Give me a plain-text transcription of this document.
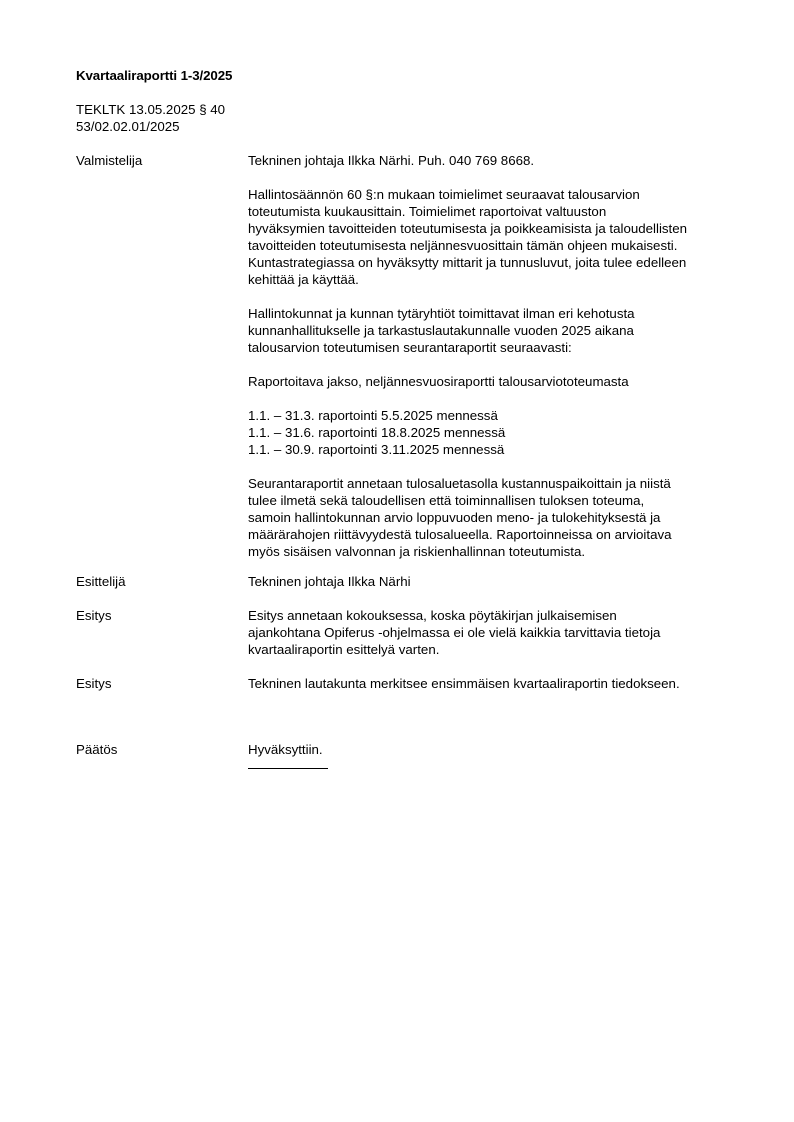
Kvartaaliraportti 1-3/2025
TEKLTK 13.05.2025 § 40
53/02.02.01/2025
Valmistelija	Tekninen johtaja Ilkka Närhi. Puh. 040 769 8668.
Hallintosäännön 60 §:n mukaan toimielimet seuraavat talousarvion
toteutumista kuukausittain. Toimielimet raportoivat valtuuston
hyväksymien tavoitteiden toteutumisesta ja poikkeamisista ja taloudellisten
tavoitteiden toteutumisesta neljännesvuosittain tämän ohjeen mukaisesti.
Kuntastrategiassa on hyväksytty mittarit ja tunnusluvut, joita tulee edelleen
kehittää ja käyttää.
Hallintokunnat ja kunnan tytäryhtiöt toimittavat ilman eri kehotusta
kunnanhallitukselle ja tarkastuslautakunnalle vuoden 2025 aikana
talousarvion toteutumisen seurantaraportit seuraavasti:
Raportoitava jakso, neljännesvuosiraportti talousarviototeumasta
1.1. – 31.3. raportointi 5.5.2025 mennessä
1.1. – 31.6. raportointi 18.8.2025 mennessä
1.1. – 30.9. raportointi 3.11.2025 mennessä
Seurantaraportit annetaan tulosaluetasolla kustannuspaikoittain ja niistä
tulee ilmetä sekä taloudellisen että toiminnallisen tuloksen toteuma,
samoin hallintokunnan arvio loppuvuoden meno- ja tulokehityksestä ja
määrärahojen riittävyydestä tulosalueella. Raportoinneissa on arvioitava
myös sisäisen valvonnan ja riskienhallinnan toteutumista.
Esittelijä	Tekninen johtaja Ilkka Närhi
Esitys	Esitys annetaan kokouksessa, koska pöytäkirjan julkaisemisen
ajankohtana Opiferus -ohjelmassa ei ole vielä kaikkia tarvittavia tietoja
kvartaaliraportin esittelyä varten.
Esitys	Tekninen lautakunta merkitsee ensimmäisen kvartaaliraportin tiedokseen.
Päätös	Hyväksyttiin.
